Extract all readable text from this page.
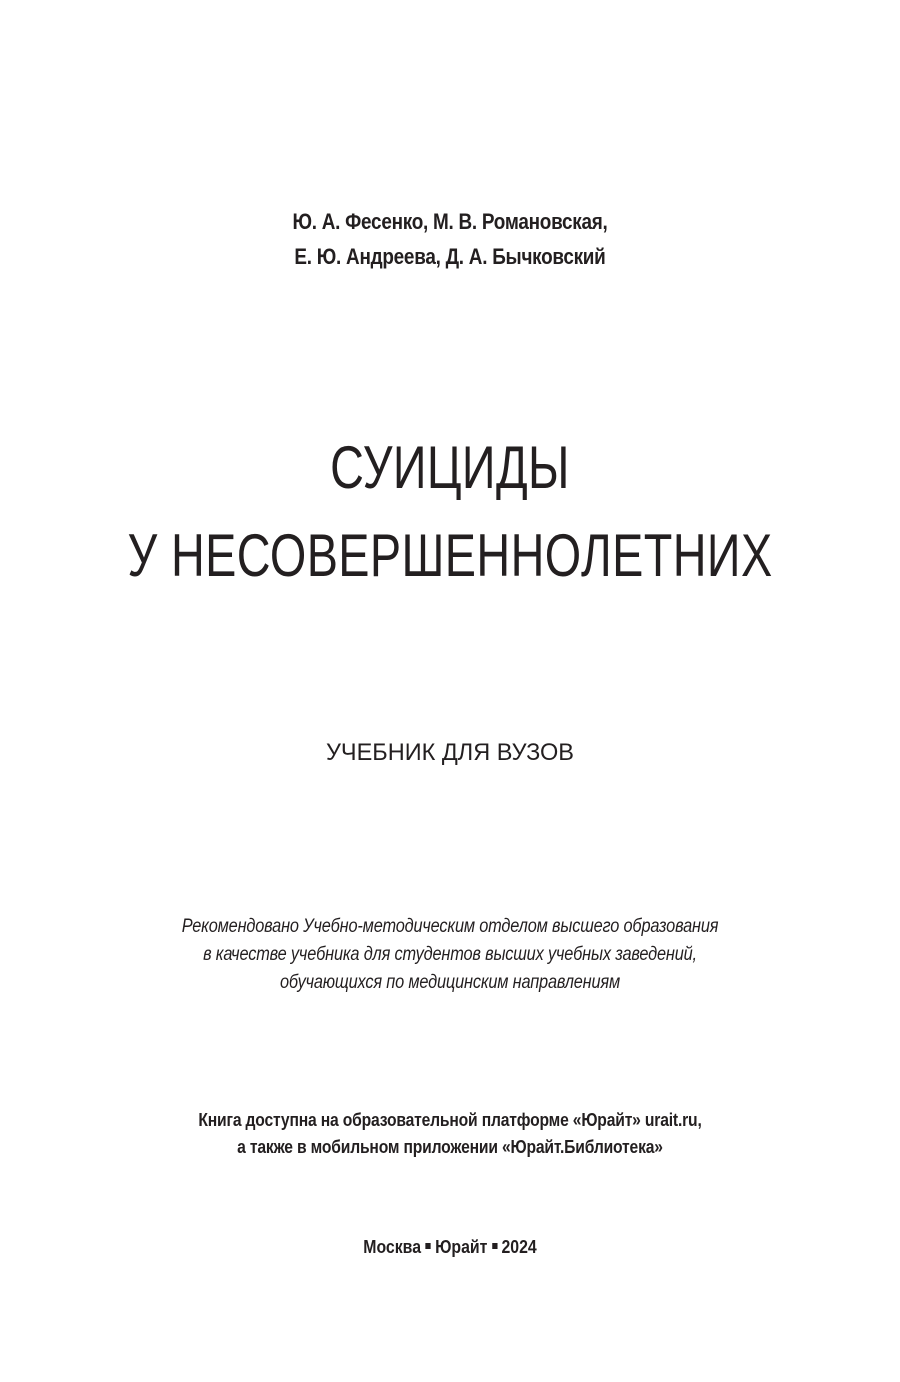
Ю. А. Фесенко, М. В. Романовская,
Е. Ю. Андреева, Д. А. Бычковский
СУИЦИДЫ
У НЕСОВЕРШЕННОЛЕТНИХ
УЧЕБНИК ДЛЯ ВУЗОВ
Рекомендовано Учебно-методическим отделом высшего образования
в качестве учебника для студентов высших учебных заведений,
обучающихся по медицинским направлениям
Книга доступна на образовательной платформе «Юрайт» urait.ru,
а также в мобильном приложении «Юрайт.Библиотека»
Москва Юрайт 2024
